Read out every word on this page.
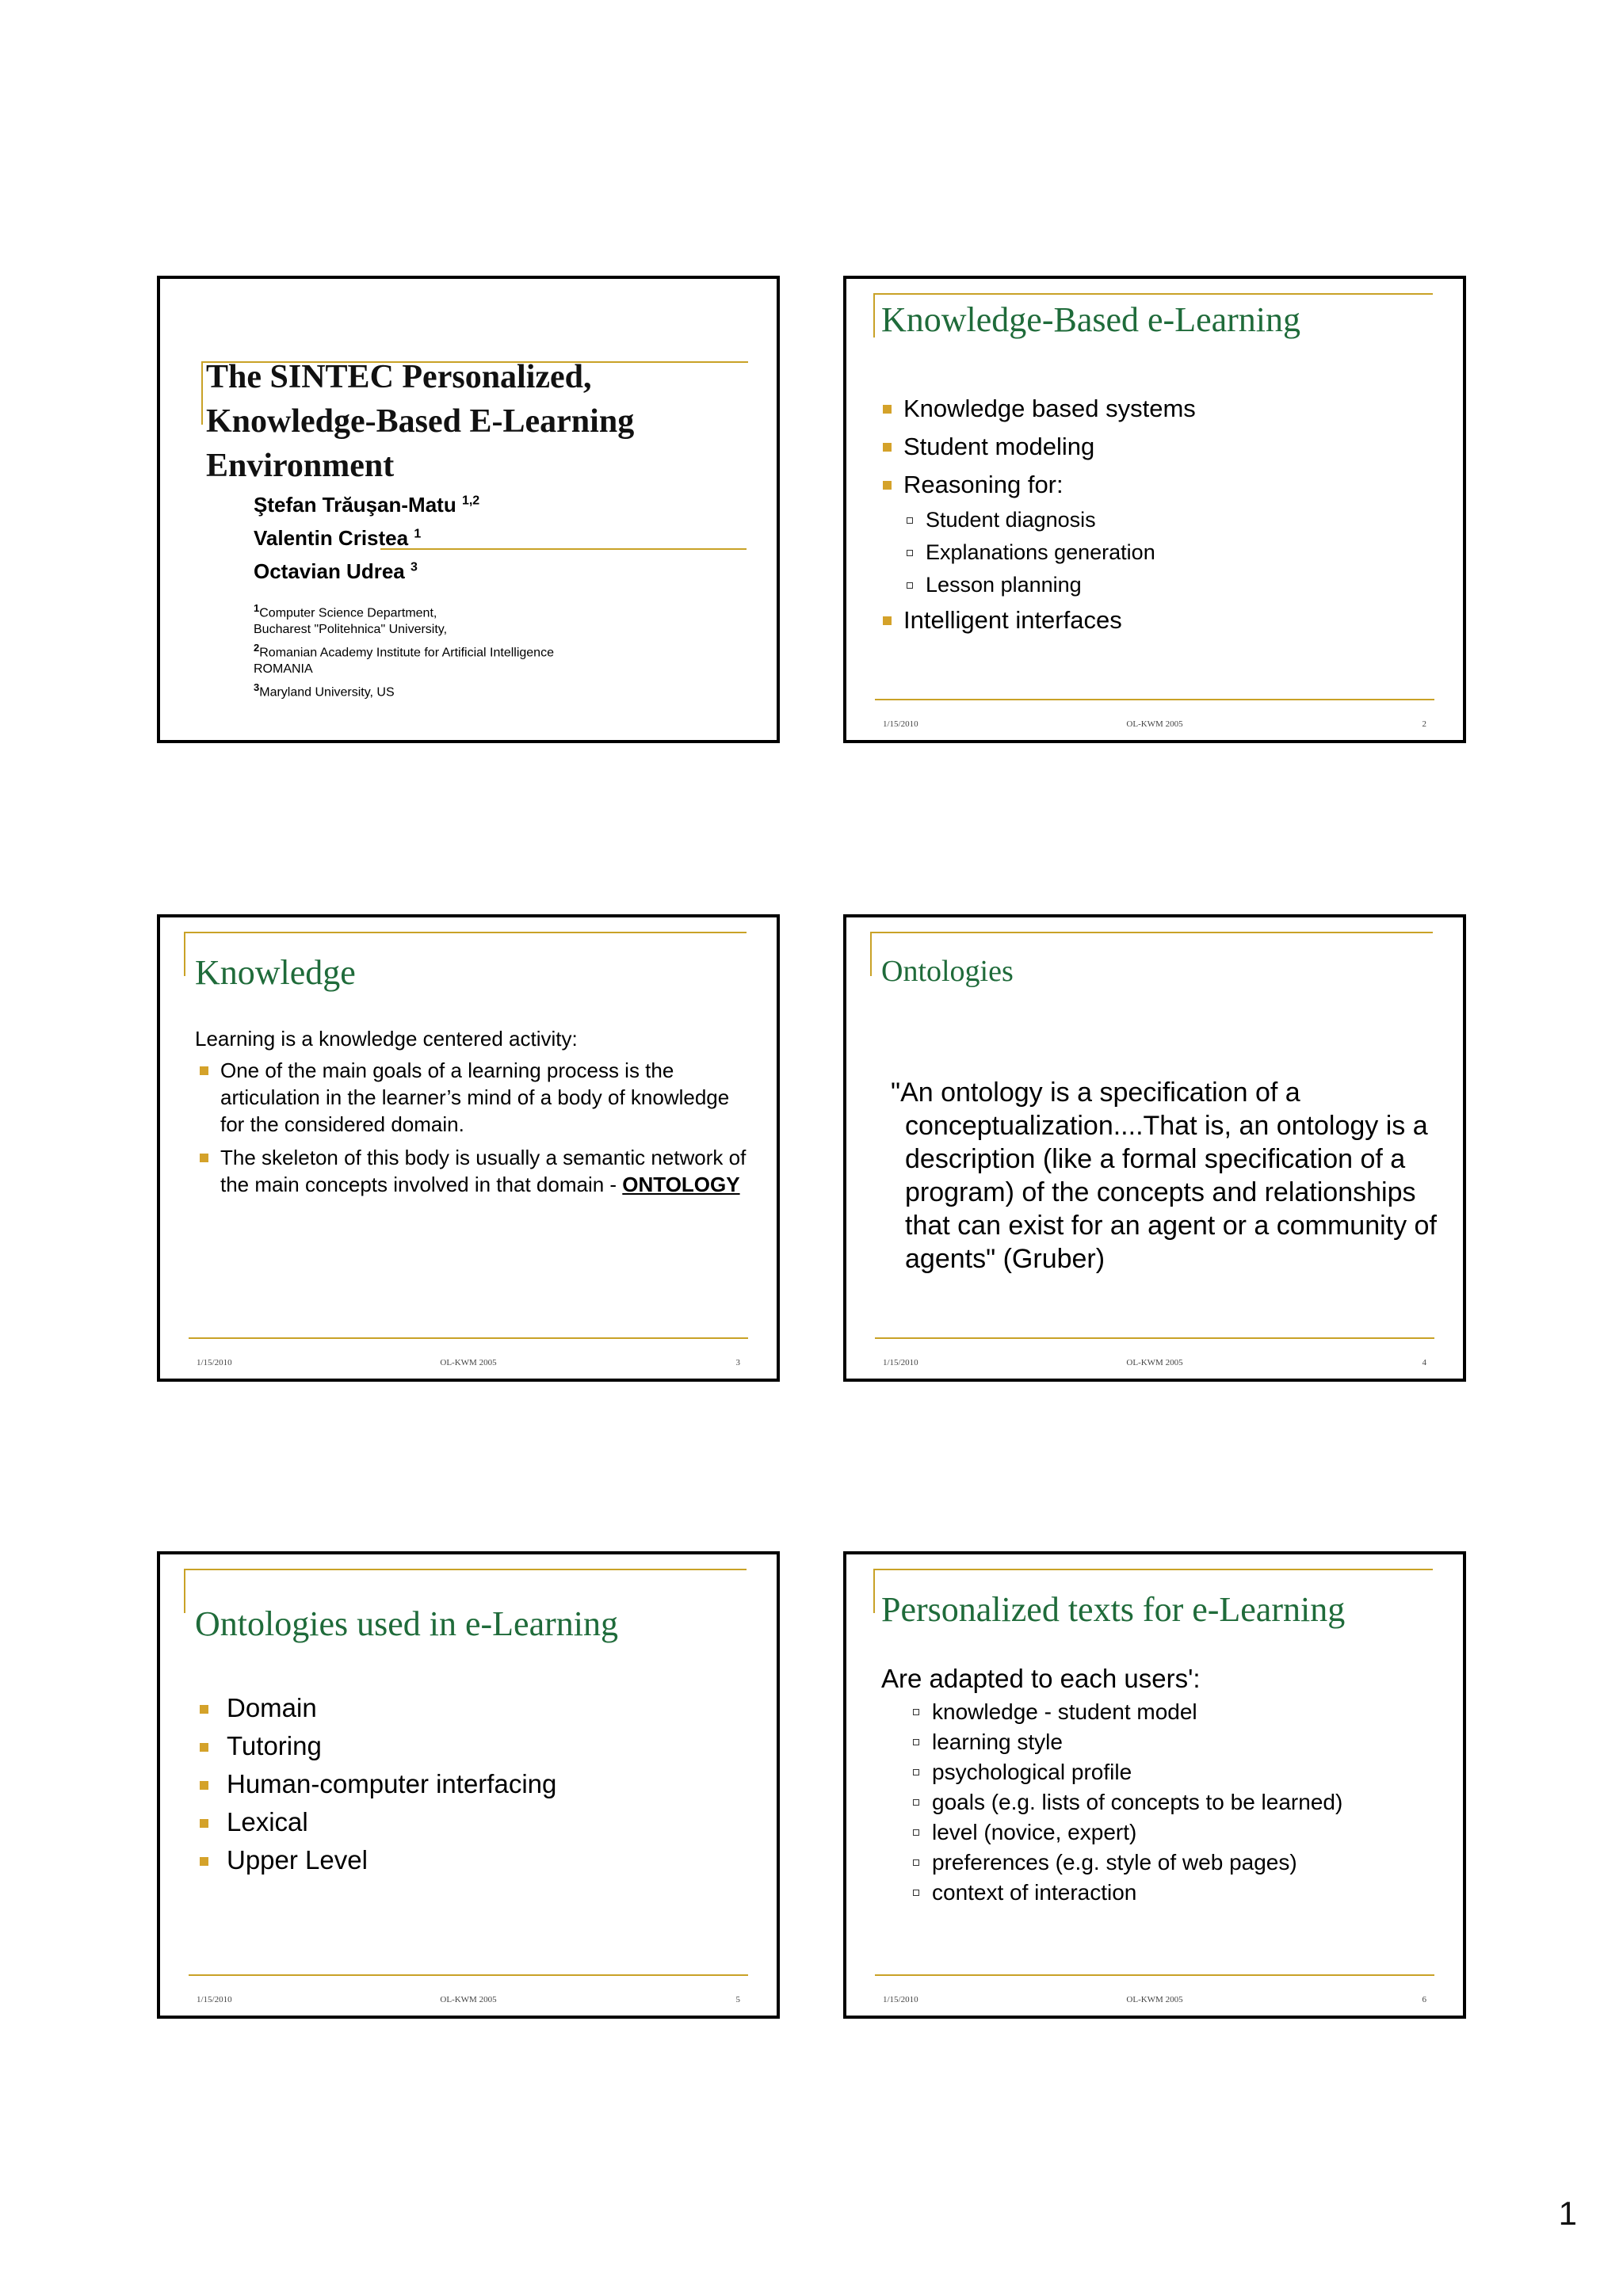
The SINTEC Personalized,
Knowledge-Based E-Learning
Environment
Ştefan Trăuşan-Matu $^{1,2}$
Valentin Cristea $^1$
Octavian Udrea $^3$
$^1$Computer Science Department,
Bucharest "Politehnica" University,
$^2$Romanian Academy Institute for Artificial Intelligence
ROMANIA
$^3$Maryland University, US
Knowledge-Based e-Learning
Knowledge based systems
Student modeling
Reasoning for:
Student diagnosis
Explanations generation
Lesson planning
Intelligent interfaces
1/15/2010	OL-KWM 2005	2
Knowledge
Learning is a knowledge centered activity:
One of the main goals of a learning process is the articulation in the learner’s mind of a body of knowledge for the considered domain.
The skeleton of this body is usually a semantic network of the main concepts involved in that domain - ONTOLOGY
1/15/2010	OL-KWM 2005	3
Ontologies
"An ontology is a specification of a conceptualization....That is, an ontology is a description (like a formal specification of a program) of the concepts and relationships that can exist for an agent or a community of agents" (Gruber)
1/15/2010	OL-KWM 2005	4
Ontologies used in e-Learning
Domain
Tutoring
Human-computer interfacing
Lexical
Upper Level
1/15/2010	OL-KWM 2005	5
Personalized texts for e-Learning
Are adapted to each users':
knowledge - student model
learning style
psychological profile
goals (e.g. lists of concepts to be learned)
level (novice, expert)
preferences (e.g. style of web pages)
context of interaction
1/15/2010	OL-KWM 2005	6
1
